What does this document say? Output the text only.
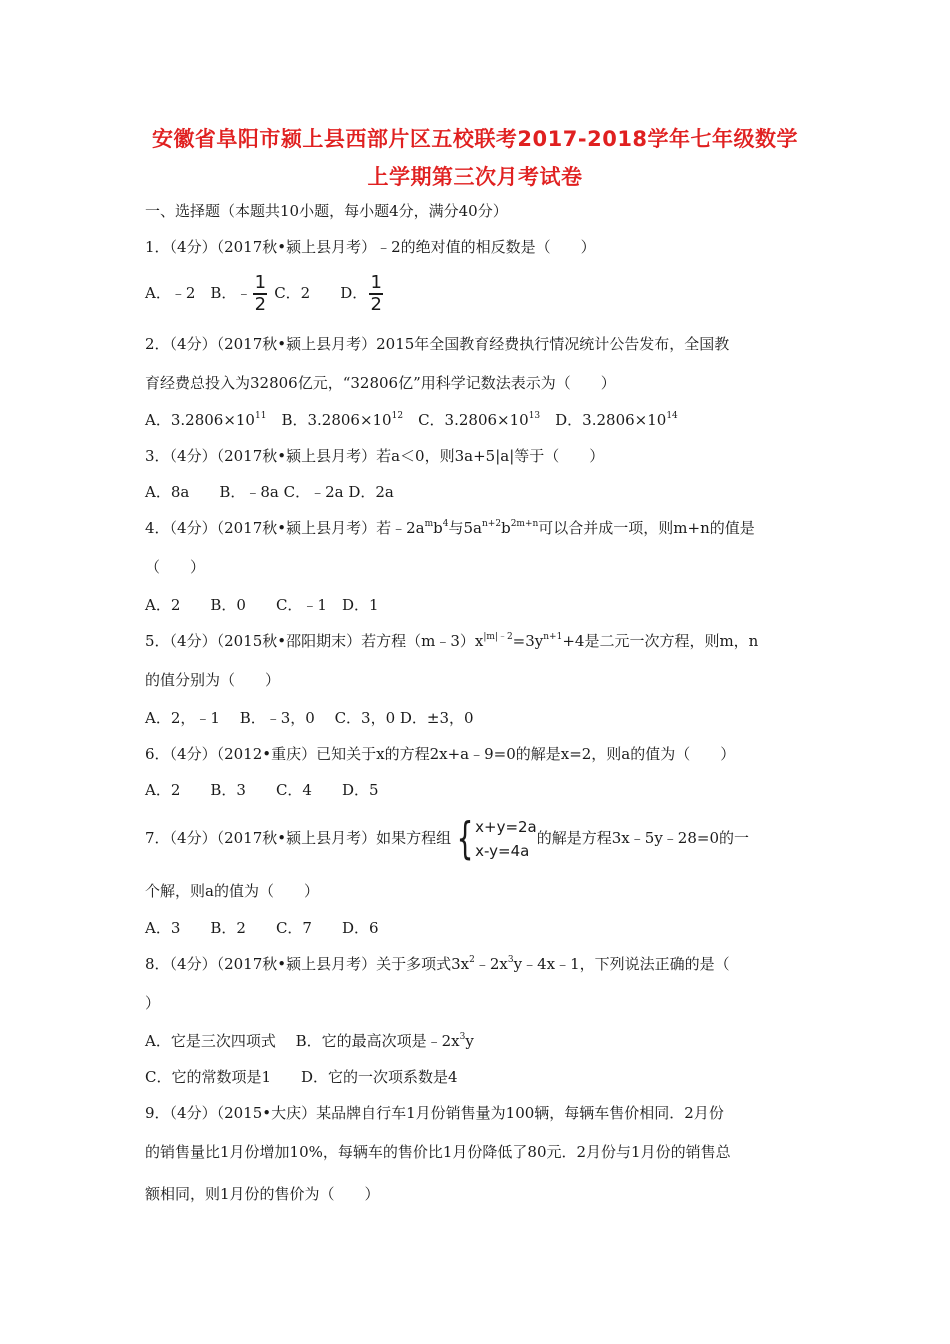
安徽省阜阳市颍上县西部片区五校联考2017-2018学年七年级数学
上学期第三次月考试卷
一、选择题（本题共10小题，每小题4分，满分40分）
1．（4分）（2017秋•颍上县月考）﹣2的绝对值的相反数是（　　）
A．﹣2　B．﹣ $\frac{1}{2}$ C．2　　D． $\frac{1}{2}$
2．（4分）（2017秋•颍上县月考）2015年全国教育经费执行情况统计公告发布，全国教
育经费总投入为32806亿元，“32806亿”用科学记数法表示为（　　）
A．$3.2806\times 10^{11}$　B．$3.2806\times 10^{12}$　C．$3.2806\times 10^{13}$　D．$3.2806\times 10^{14}$
3．（4分）（2017秋•颍上县月考）若a＜0，则3a+5|a|等于（　　）
A．8a　　B．﹣8a C．﹣2a D．2a
4．（4分）（2017秋•颍上县月考）若$﹣2a^mb^4$与$5a^{n+2}b^{2m+n}$可以合并成一项，则m+n的值是
（　　）
A．2　　B．0　　C．﹣1　D．1
5．（4分）（2015秋•邵阳期末）若方程$(m﹣3)x^{|m|﹣2}=3y^{n+1}+4$是二元一次方程，则m，n
的值分别为（　　）
A．2，﹣1　 B．﹣3，0　 C．3，0 D．±3，0
6．（4分）（2012•重庆）已知关于x的方程2x+a﹣9=0的解是x=2，则a的值为（　　）
A．2　　B．3　　C．4　　D．5
7．（4分）（2017秋•颍上县月考）如果方程组 { x+y=2a
x-y=4a
的解是方程3x﹣5y﹣28=0的一
个解，则a的值为（　　）
A．3　　B．2　　C．7　　D．6
8．（4分）（2017秋•颍上县月考）关于多项式$3x^2﹣2x^3y﹣4x﹣1$，下列说法正确的是（
）
A．它是三次四项式　 B．它的最高次项是$﹣2x^3y$
C．它的常数项是1　　D．它的一次项系数是4
9．（4分）（2015•大庆）某品牌自行车1月份销售量为100辆，每辆车售价相同．2月份
的销售量比1月份增加10%，每辆车的售价比1月份降低了80元．2月份与1月份的销售总
额相同，则1月份的售价为（　　）
